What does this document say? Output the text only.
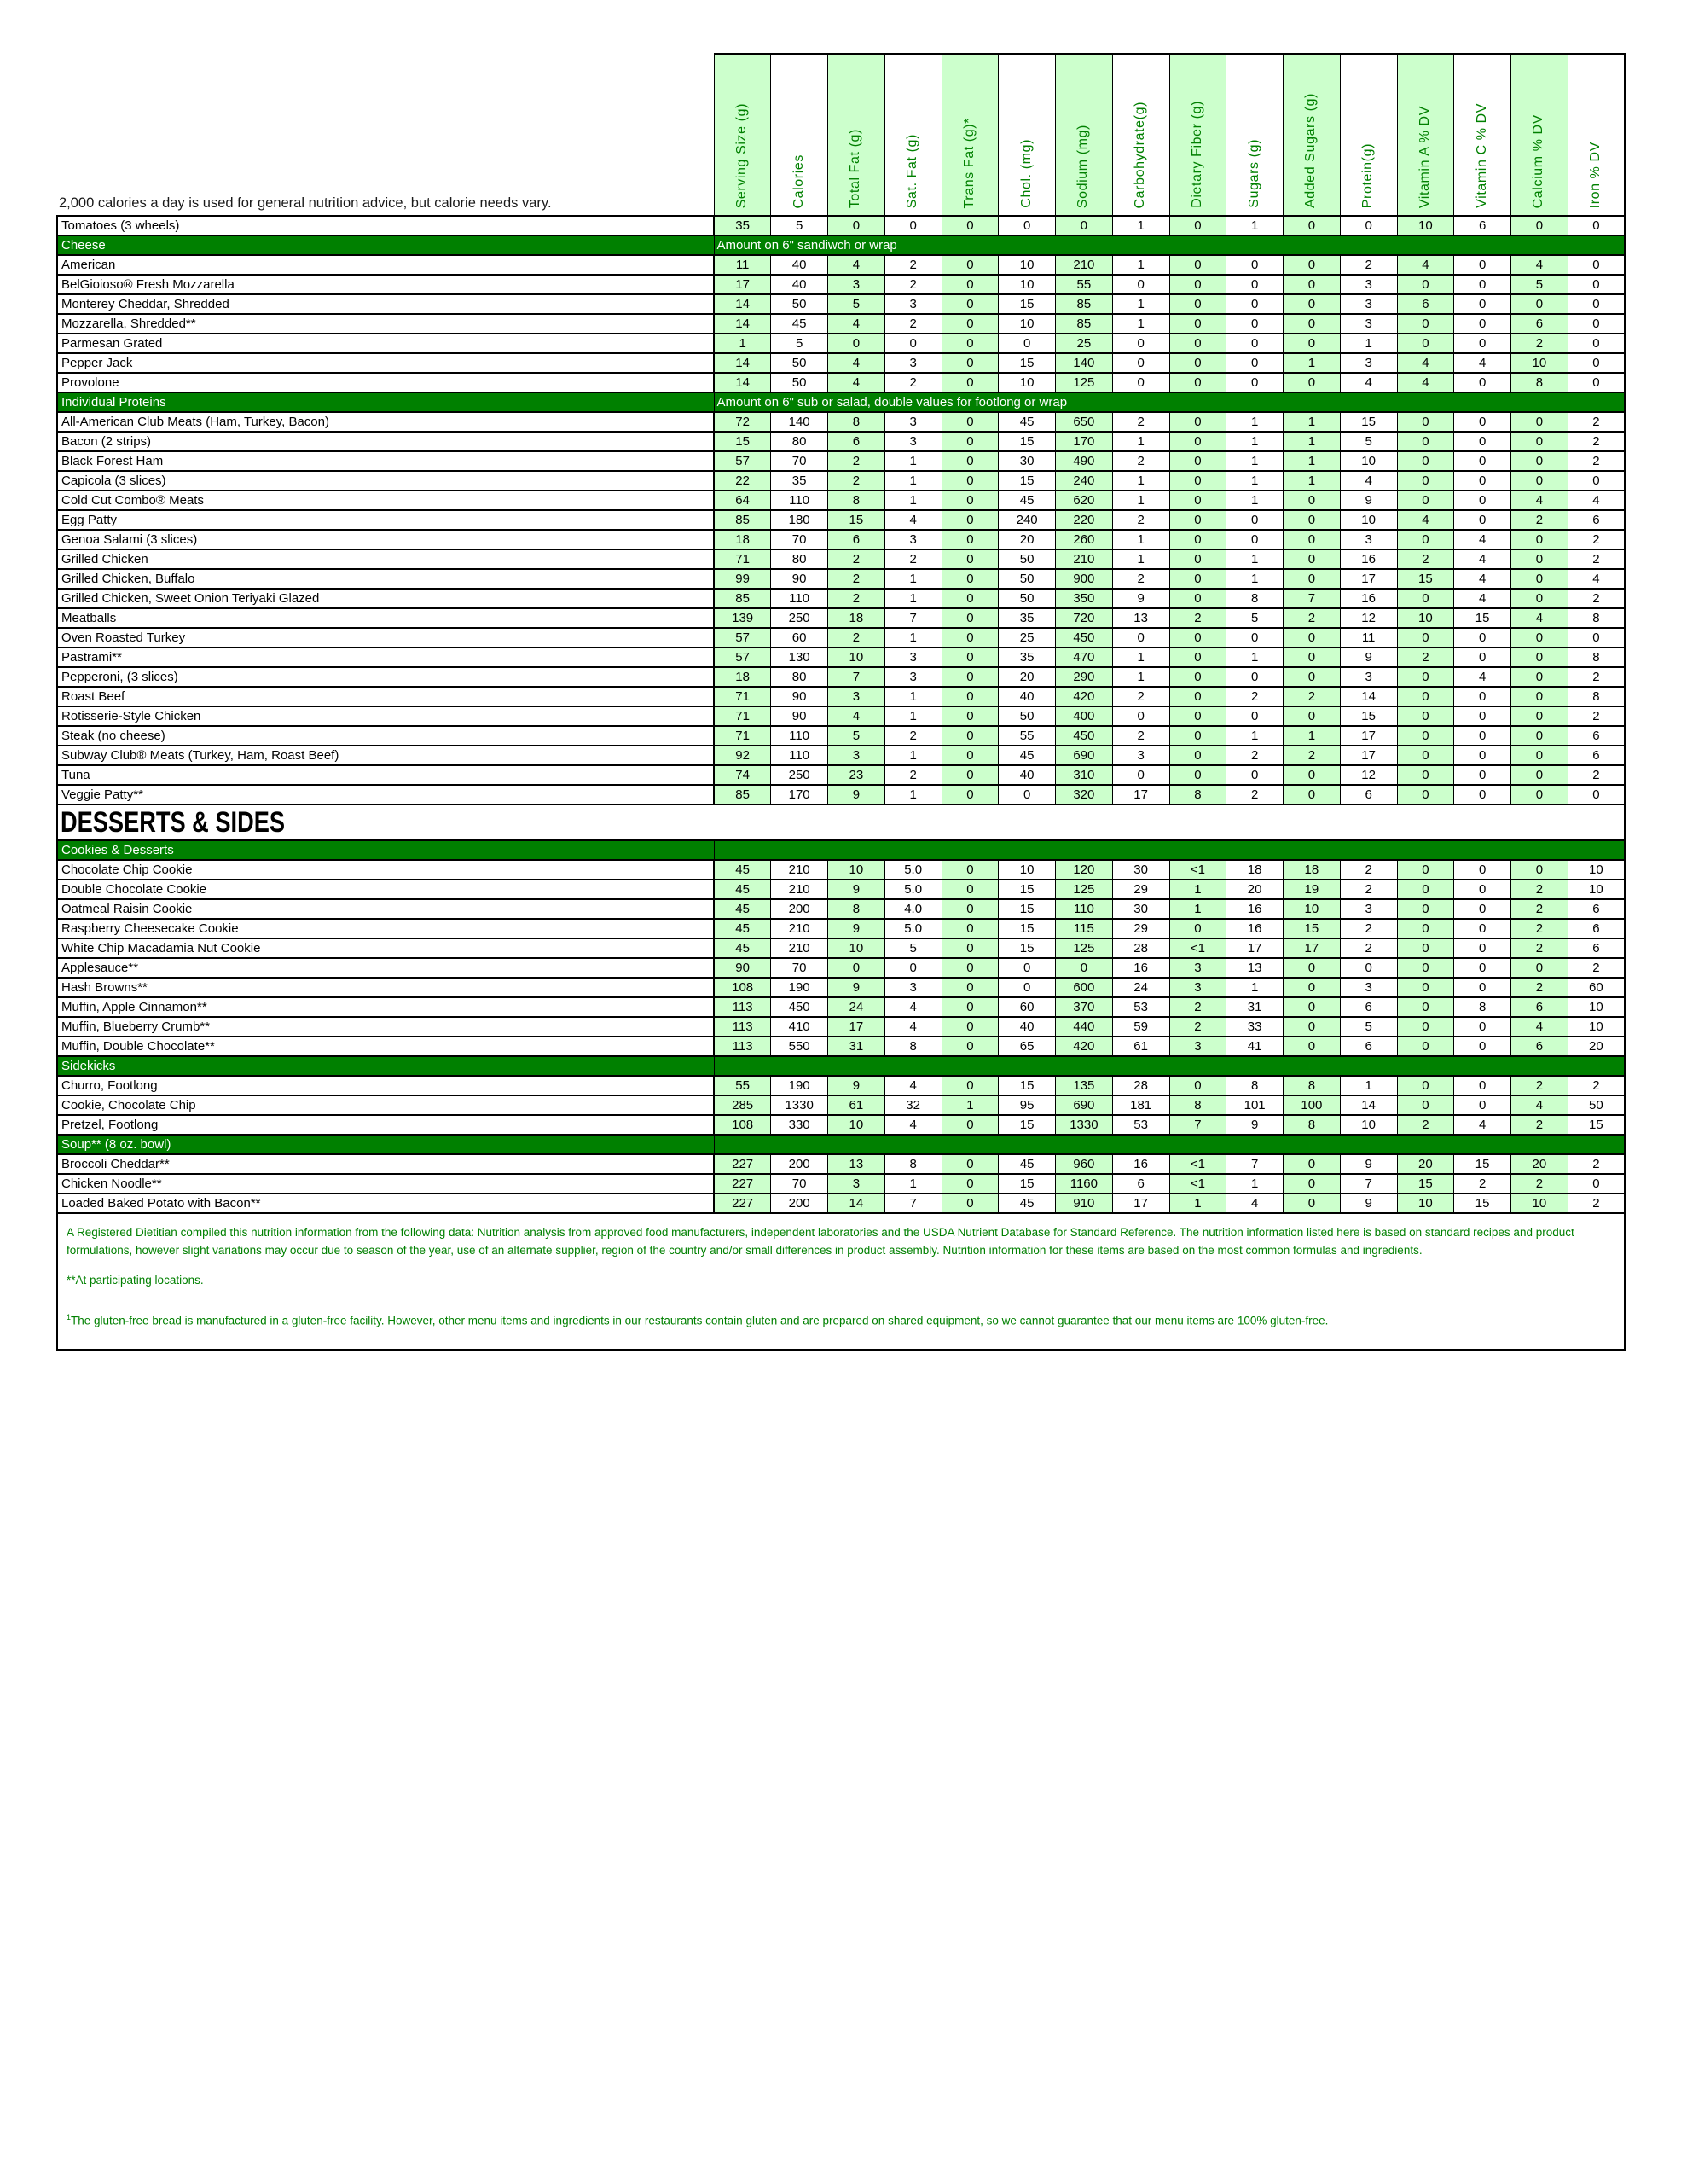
2,000 calories a day is used for general nutrition advice, but calorie needs vary.	Serving Size (g)	Calories	Total Fat (g)	Sat. Fat (g)	Trans Fat (g)*	Chol. (mg)	Sodium (mg)	Carbohydrate(g)	Dietary Fiber (g)	Sugars (g)	Added Sugars (g)	Protein(g)	Vitamin A % DV	Vitamin C % DV	Calcium % DV	Iron % DV

Tomatoes (3 wheels)	35	5	0	0	0	0	0	1	0	1	0	0	10	6	0	0
Cheese	Amount on 6" sandiwch or wrap															
American	11	40	4	2	0	10	210	1	0	0	0	2	4	0	4	0
BelGioioso® Fresh Mozzarella	17	40	3	2	0	10	55	0	0	0	0	3	0	0	5	0
Monterey Cheddar, Shredded	14	50	5	3	0	15	85	1	0	0	0	3	6	0	0	0
Mozzarella, Shredded**	14	45	4	2	0	10	85	1	0	0	0	3	0	0	6	0
Parmesan Grated	1	5	0	0	0	0	25	0	0	0	0	1	0	0	2	0
Pepper Jack	14	50	4	3	0	15	140	0	0	0	1	3	4	4	10	0
Provolone	14	50	4	2	0	10	125	0	0	0	0	4	4	0	8	0
Individual Proteins	Amount on 6" sub or salad, double values for footlong or wrap															
All-American Club Meats (Ham, Turkey, Bacon)	72	140	8	3	0	45	650	2	0	1	1	15	0	0	0	2
Bacon (2 strips)	15	80	6	3	0	15	170	1	0	1	1	5	0	0	0	2
Black Forest Ham	57	70	2	1	0	30	490	2	0	1	1	10	0	0	0	2
Capicola (3 slices)	22	35	2	1	0	15	240	1	0	1	1	4	0	0	0	0
Cold Cut Combo® Meats	64	110	8	1	0	45	620	1	0	1	0	9	0	0	4	4
Egg Patty	85	180	15	4	0	240	220	2	0	0	0	10	4	0	2	6
Genoa Salami (3 slices)	18	70	6	3	0	20	260	1	0	0	0	3	0	4	0	2
Grilled Chicken	71	80	2	2	0	50	210	1	0	1	0	16	2	4	0	2
Grilled Chicken, Buffalo	99	90	2	1	0	50	900	2	0	1	0	17	15	4	0	4
Grilled Chicken, Sweet Onion Teriyaki Glazed	85	110	2	1	0	50	350	9	0	8	7	16	0	4	0	2
Meatballs	139	250	18	7	0	35	720	13	2	5	2	12	10	15	4	8
Oven Roasted Turkey	57	60	2	1	0	25	450	0	0	0	0	11	0	0	0	0
Pastrami**	57	130	10	3	0	35	470	1	0	1	0	9	2	0	0	8
Pepperoni, (3 slices)	18	80	7	3	0	20	290	1	0	0	0	3	0	4	0	2
Roast Beef	71	90	3	1	0	40	420	2	0	2	2	14	0	0	0	8
Rotisserie-Style Chicken	71	90	4	1	0	50	400	0	0	0	0	15	0	0	0	2
Steak (no cheese)	71	110	5	2	0	55	450	2	0	1	1	17	0	0	0	6
Subway Club® Meats (Turkey, Ham, Roast Beef)	92	110	3	1	0	45	690	3	0	2	2	17	0	0	0	6
Tuna	74	250	23	2	0	40	310	0	0	0	0	12	0	0	0	2
Veggie Patty**	85	170	9	1	0	0	320	17	8	2	0	6	0	0	0	0
DESSERTS & SIDES																
Cookies & Desserts																
Chocolate Chip Cookie	45	210	10	5.0	0	10	120	30	<1	18	18	2	0	0	0	10
Double Chocolate Cookie	45	210	9	5.0	0	15	125	29	1	20	19	2	0	0	2	10
Oatmeal Raisin Cookie	45	200	8	4.0	0	15	110	30	1	16	10	3	0	0	2	6
Raspberry Cheesecake Cookie	45	210	9	5.0	0	15	115	29	0	16	15	2	0	0	2	6
White Chip Macadamia Nut Cookie	45	210	10	5	0	15	125	28	<1	17	17	2	0	0	2	6
Applesauce**	90	70	0	0	0	0	0	16	3	13	0	0	0	0	0	2
Hash Browns**	108	190	9	3	0	0	600	24	3	1	0	3	0	0	2	60
Muffin, Apple Cinnamon**	113	450	24	4	0	60	370	53	2	31	0	6	0	8	6	10
Muffin, Blueberry Crumb**	113	410	17	4	0	40	440	59	2	33	0	5	0	0	4	10
Muffin, Double Chocolate**	113	550	31	8	0	65	420	61	3	41	0	6	0	0	6	20
Sidekicks																
Churro, Footlong	55	190	9	4	0	15	135	28	0	8	8	1	0	0	2	2
Cookie, Chocolate Chip	285	1330	61	32	1	95	690	181	8	101	100	14	0	0	4	50
Pretzel, Footlong	108	330	10	4	0	15	1330	53	7	9	8	10	2	4	2	15
Soup** (8 oz. bowl)																
Broccoli Cheddar**	227	200	13	8	0	45	960	16	<1	7	0	9	20	15	20	2
Chicken Noodle**	227	70	3	1	0	15	1160	6	<1	1	0	7	15	2	2	0
Loaded Baked Potato with Bacon**	227	200	14	7	0	45	910	17	1	4	0	9	10	15	10	2

A Registered Dietitian compiled this nutrition information from the following data: Nutrition analysis from approved food manufacturers, independent laboratories and the USDA Nutrient Database for Standard Reference. The nutrition information listed here is based on standard recipes and product formulations, however slight variations may occur due to season of the year, use of an alternate supplier, region of the country and/or small differences in product assembly. Nutrition information for these items are based on the most common formulas and ingredients.

**At participating locations.

$^1$The gluten-free bread is manufactured in a gluten-free facility. However, other menu items and ingredients in our restaurants contain gluten and are prepared on shared equipment, so we cannot guarantee that our menu items are 100% gluten-free.																
